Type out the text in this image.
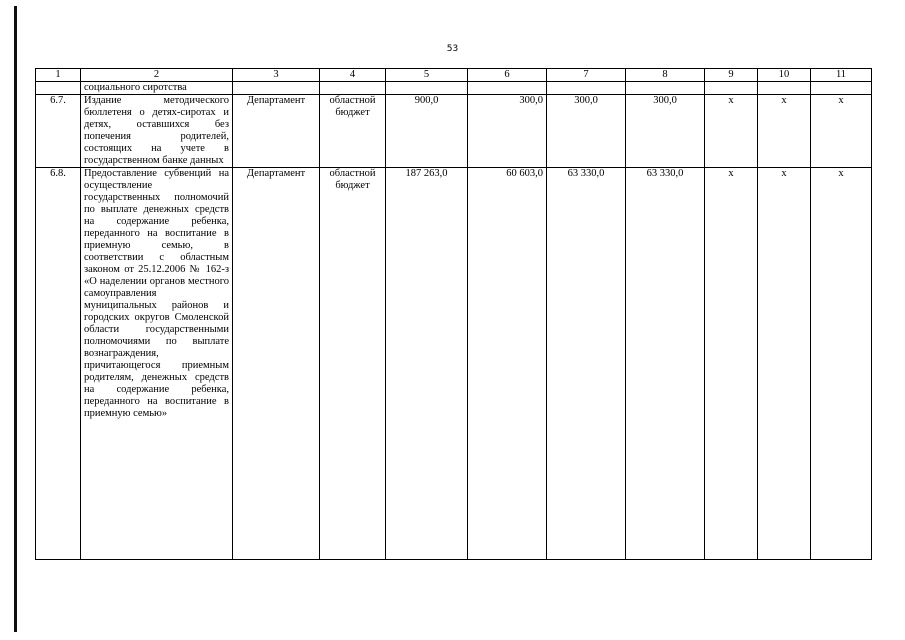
53
1	2	3	4	5	6	7	8	9	10	11
	социального сиротства									
6.7.	Издание методического бюллетеня о детях-сиротах и детях, оставшихся без попечения родителей, состоящих на учете в государственном банке данных	Департамент	областной бюджет	900,0	300,0	300,0	300,0	х	х	х
6.8.	Предоставление субвенций на осуществление государственных полномочий по выплате денежных средств на содержание ребенка, переданного на воспитание в приемную семью, в соответствии с областным законом от 25.12.2006 № 162-з «О наделении органов местного самоуправления муниципальных районов и городских округов Смоленской области государственными полномочиями по выплате вознаграждения, причитающегося приемным родителям, денежных средств на содержание ребенка, переданного на воспитание в приемную семью»	Департамент	областной бюджет	187 263,0	60 603,0	63 330,0	63 330,0	х	х	х
